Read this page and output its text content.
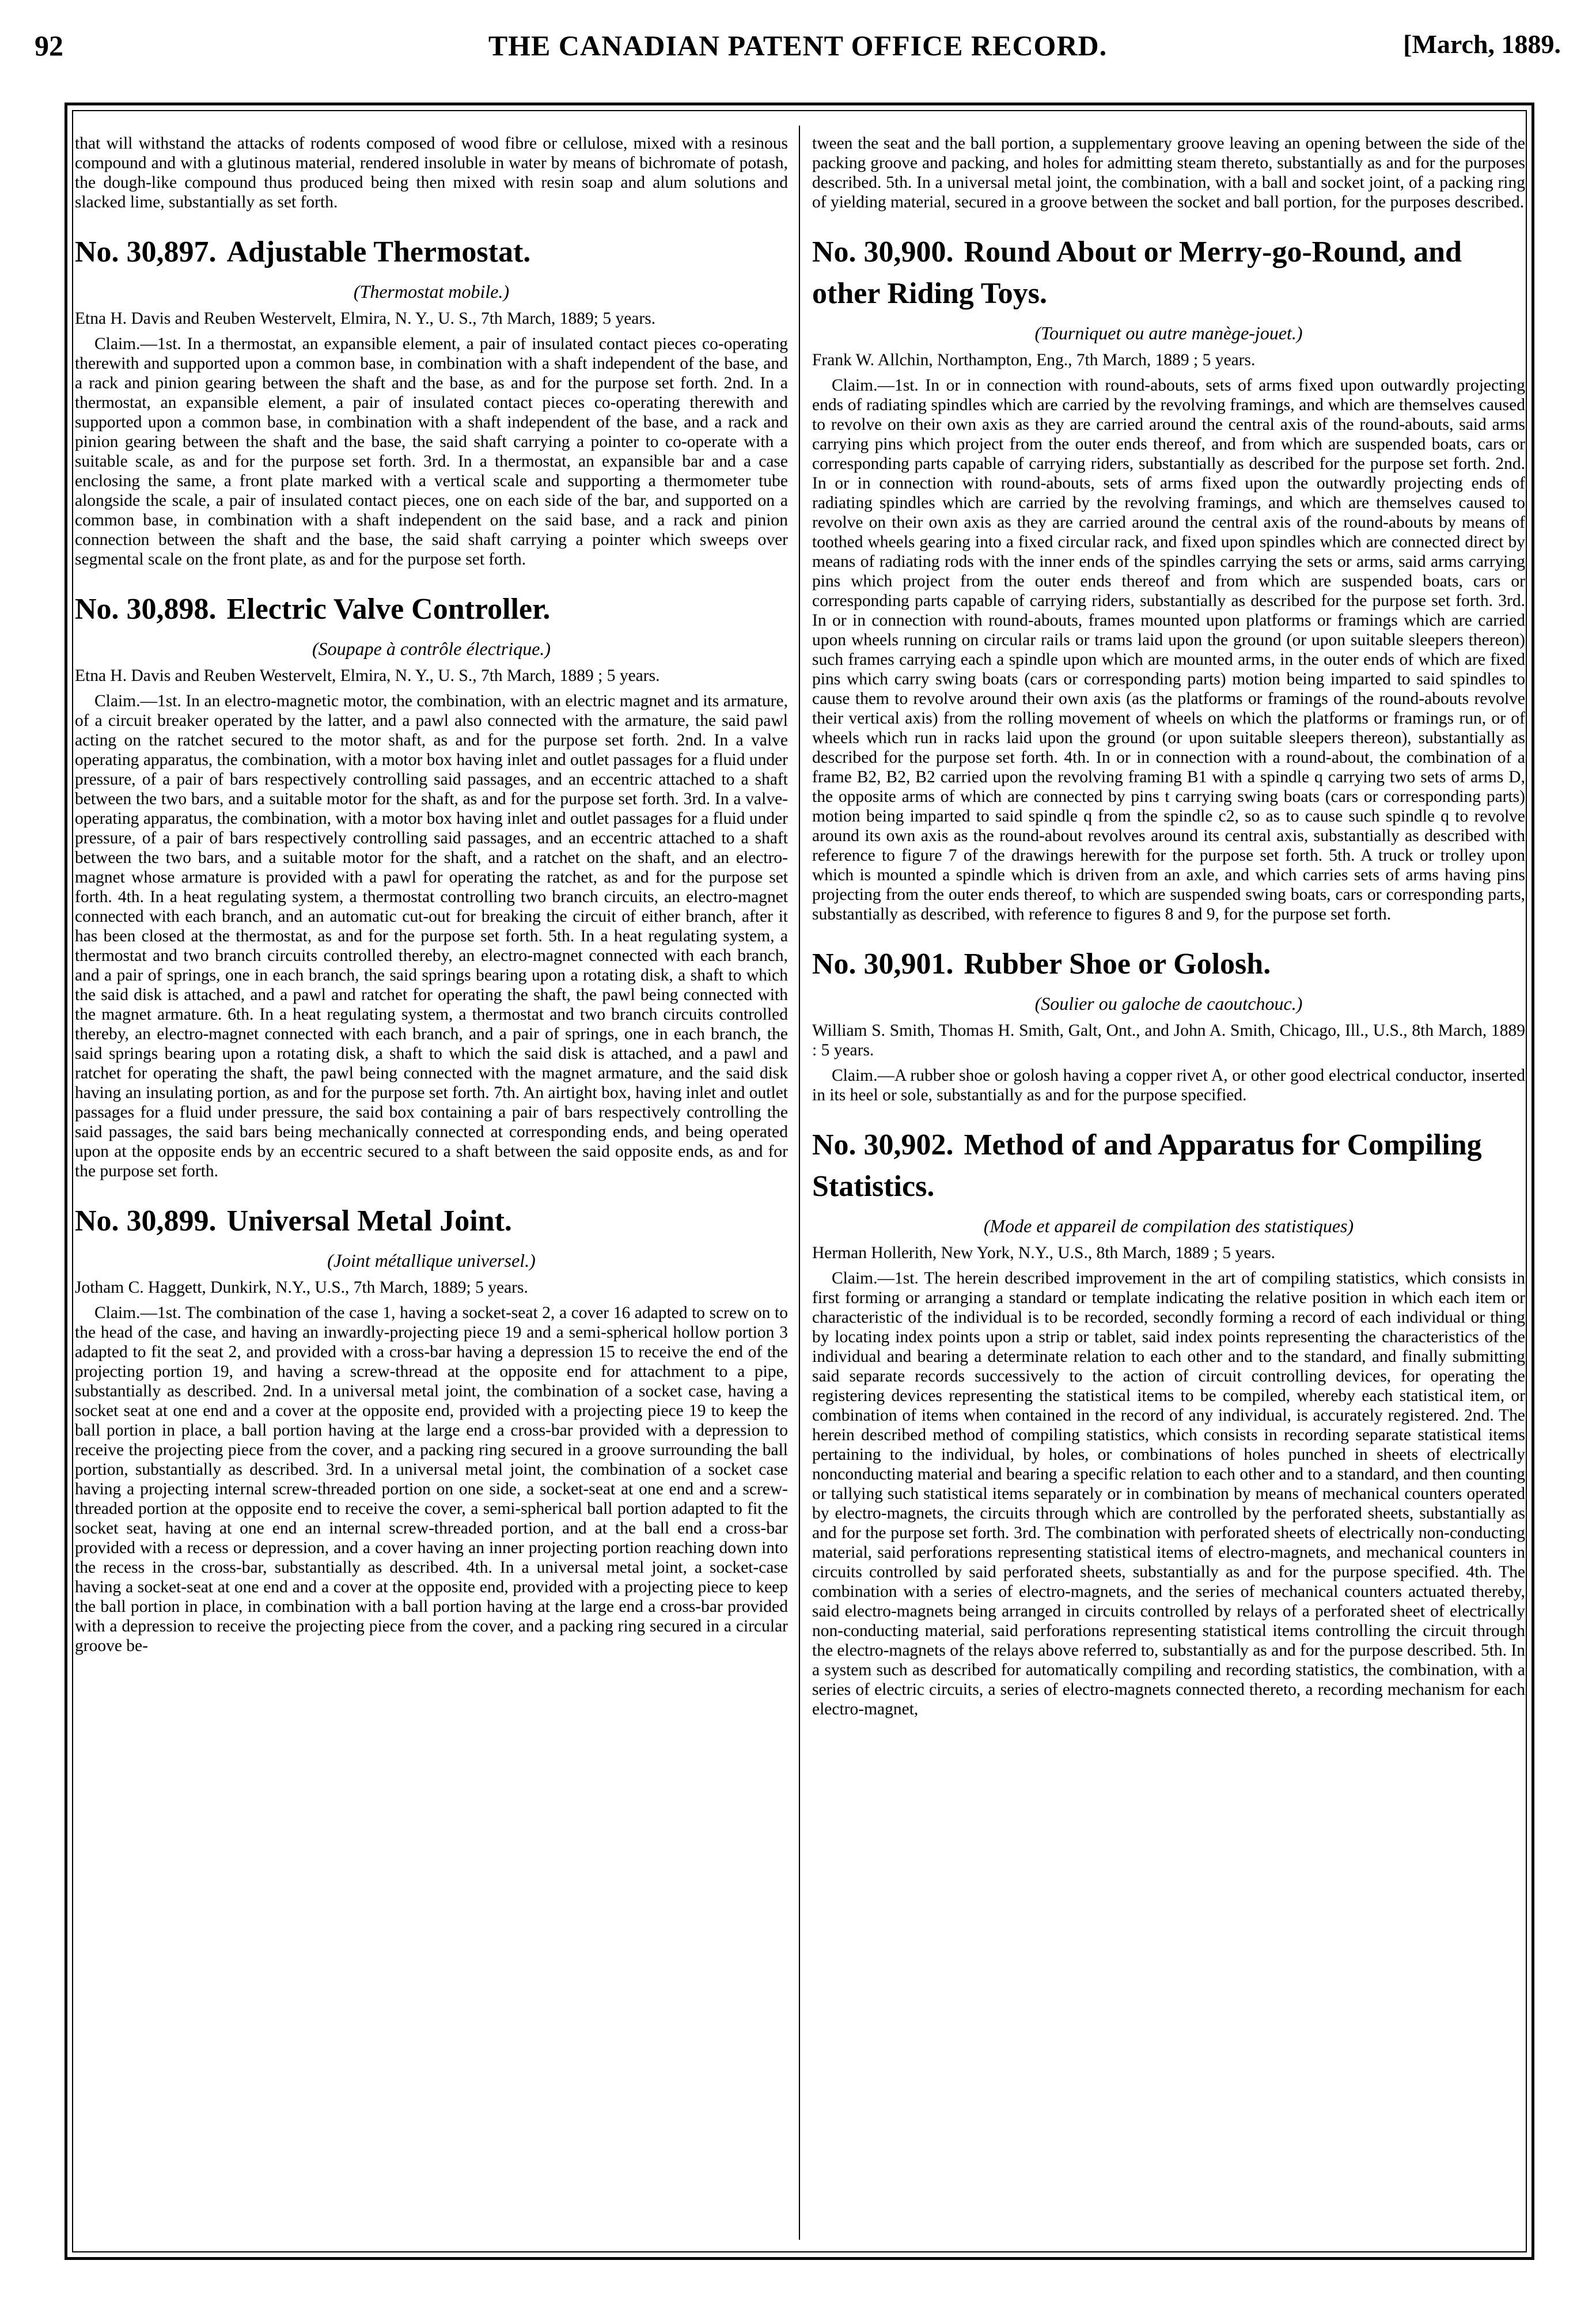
92	THE CANADIAN PATENT OFFICE RECORD.	[March, 1889.

that will withstand the attacks of rodents composed of wood fibre or cellulose, mixed with a resinous compound and with a glutinous material, rendered insoluble in water by means of bichromate of potash, the dough-like compound thus produced being then mixed with resin soap and alum solutions and slacked lime, substantially as set forth.

No. 30,897. Adjustable Thermostat.

(Thermostat mobile.)

Etna H. Davis and Reuben Westervelt, Elmira, N. Y., U. S., 7th March, 1889; 5 years.

Claim.—1st. In a thermostat, an expansible element, a pair of insulated contact pieces co-operating therewith and supported upon a common base, in combination with a shaft independent of the base, and a rack and pinion gearing between the shaft and the base, as and for the purpose set forth. 2nd. In a thermostat, an expansible element, a pair of insulated contact pieces co-operating therewith and supported upon a common base, in combination with a shaft independent of the base, and a rack and pinion gearing between the shaft and the base, the said shaft carrying a pointer to co-operate with a suitable scale, as and for the purpose set forth. 3rd. In a thermostat, an expansible bar and a case enclosing the same, a front plate marked with a vertical scale and supporting a thermometer tube alongside the scale, a pair of insulated contact pieces, one on each side of the bar, and supported on a common base, in combination with a shaft independent on the said base, and a rack and pinion connection between the shaft and the base, the said shaft carrying a pointer which sweeps over segmental scale on the front plate, as and for the purpose set forth.

No. 30,898. Electric Valve Controller.

(Soupape à contrôle électrique.)

Etna H. Davis and Reuben Westervelt, Elmira, N. Y., U. S., 7th March, 1889 ; 5 years.

Claim.—1st. In an electro-magnetic motor, the combination, with an electric magnet and its armature, of a circuit breaker operated by the latter, and a pawl also connected with the armature, the said pawl acting on the ratchet secured to the motor shaft, as and for the purpose set forth. 2nd. In a valve operating apparatus, the combination, with a motor box having inlet and outlet passages for a fluid under pressure, of a pair of bars respectively controlling said passages, and an eccentric attached to a shaft between the two bars, and a suitable motor for the shaft, as and for the purpose set forth. 3rd. In a valve-operating apparatus, the combination, with a motor box having inlet and outlet passages for a fluid under pressure, of a pair of bars respectively controlling said passages, and an eccentric attached to a shaft between the two bars, and a suitable motor for the shaft, and a ratchet on the shaft, and an electro-magnet whose armature is provided with a pawl for operating the ratchet, as and for the purpose set forth. 4th. In a heat regulating system, a thermostat controlling two branch circuits, an electro-magnet connected with each branch, and an automatic cut-out for breaking the circuit of either branch, after it has been closed at the thermostat, as and for the purpose set forth. 5th. In a heat regulating system, a thermostat and two branch circuits controlled thereby, an electro-magnet connected with each branch, and a pair of springs, one in each branch, the said springs bearing upon a rotating disk, a shaft to which the said disk is attached, and a pawl and ratchet for operating the shaft, the pawl being connected with the magnet armature. 6th. In a heat regulating system, a thermostat and two branch circuits controlled thereby, an electro-magnet connected with each branch, and a pair of springs, one in each branch, the said springs bearing upon a rotating disk, a shaft to which the said disk is attached, and a pawl and ratchet for operating the shaft, the pawl being connected with the magnet armature, and the said disk having an insulating portion, as and for the purpose set forth. 7th. An airtight box, having inlet and outlet passages for a fluid under pressure, the said box containing a pair of bars respectively controlling the said passages, the said bars being mechanically connected at corresponding ends, and being operated upon at the opposite ends by an eccentric secured to a shaft between the said opposite ends, as and for the purpose set forth.

No. 30,899. Universal Metal Joint.

(Joint métallique universel.)

Jotham C. Haggett, Dunkirk, N.Y., U.S., 7th March, 1889; 5 years.

Claim.—1st. The combination of the case 1, having a socket-seat 2, a cover 16 adapted to screw on to the head of the case, and having an inwardly-projecting piece 19 and a semi-spherical hollow portion 3 adapted to fit the seat 2, and provided with a cross-bar having a depression 15 to receive the end of the projecting portion 19, and having a screw-thread at the opposite end for attachment to a pipe, substantially as described. 2nd. In a universal metal joint, the combination of a socket case, having a socket seat at one end and a cover at the opposite end, provided with a projecting piece 19 to keep the ball portion in place, a ball portion having at the large end a cross-bar provided with a depression to receive the projecting piece from the cover, and a packing ring secured in a groove surrounding the ball portion, substantially as described. 3rd. In a universal metal joint, the combination of a socket case having a projecting internal screw-threaded portion on one side, a socket-seat at one end and a screw-threaded portion at the opposite end to receive the cover, a semi-spherical ball portion adapted to fit the socket seat, having at one end an internal screw-threaded portion, and at the ball end a cross-bar provided with a recess or depression, and a cover having an inner projecting portion reaching down into the recess in the cross-bar, substantially as described. 4th. In a universal metal joint, a socket-case having a socket-seat at one end and a cover at the opposite end, provided with a projecting piece to keep the ball portion in place, in combination with a ball portion having at the large end a cross-bar provided with a depression to receive the projecting piece from the cover, and a packing ring secured in a circular groove be-

tween the seat and the ball portion, a supplementary groove leaving an opening between the side of the packing groove and packing, and holes for admitting steam thereto, substantially as and for the purposes described. 5th. In a universal metal joint, the combination, with a ball and socket joint, of a packing ring of yielding material, secured in a groove between the socket and ball portion, for the purposes described.

No. 30,900. Round About or Merry-go-Round, and other Riding Toys.

(Tourniquet ou autre manège-jouet.)

Frank W. Allchin, Northampton, Eng., 7th March, 1889 ; 5 years.

Claim.—1st. In or in connection with round-abouts, sets of arms fixed upon outwardly projecting ends of radiating spindles which are carried by the revolving framings, and which are themselves caused to revolve on their own axis as they are carried around the central axis of the round-abouts, said arms carrying pins which project from the outer ends thereof, and from which are suspended boats, cars or corresponding parts capable of carrying riders, substantially as described for the purpose set forth. 2nd. In or in connection with round-abouts, sets of arms fixed upon the outwardly projecting ends of radiating spindles which are carried by the revolving framings, and which are themselves caused to revolve on their own axis as they are carried around the central axis of the round-abouts by means of toothed wheels gearing into a fixed circular rack, and fixed upon spindles which are connected direct by means of radiating rods with the inner ends of the spindles carrying the sets or arms, said arms carrying pins which project from the outer ends thereof and from which are suspended boats, cars or corresponding parts capable of carrying riders, substantially as described for the purpose set forth. 3rd. In or in connection with round-abouts, frames mounted upon platforms or framings which are carried upon wheels running on circular rails or trams laid upon the ground (or upon suitable sleepers thereon) such frames carrying each a spindle upon which are mounted arms, in the outer ends of which are fixed pins which carry swing boats (cars or corresponding parts) motion being imparted to said spindles to cause them to revolve around their own axis (as the platforms or framings of the round-abouts revolve their vertical axis) from the rolling movement of wheels on which the platforms or framings run, or of wheels which run in racks laid upon the ground (or upon suitable sleepers thereon), substantially as described for the purpose set forth. 4th. In or in connection with a round-about, the combination of a frame B2, B2, B2 carried upon the revolving framing B1 with a spindle q carrying two sets of arms D, the opposite arms of which are connected by pins t carrying swing boats (cars or corresponding parts) motion being imparted to said spindle q from the spindle c2, so as to cause such spindle q to revolve around its own axis as the round-about revolves around its central axis, substantially as described with reference to figure 7 of the drawings herewith for the purpose set forth. 5th. A truck or trolley upon which is mounted a spindle which is driven from an axle, and which carries sets of arms having pins projecting from the outer ends thereof, to which are suspended swing boats, cars or corresponding parts, substantially as described, with reference to figures 8 and 9, for the purpose set forth.

No. 30,901. Rubber Shoe or Golosh.

(Soulier ou galoche de caoutchouc.)

William S. Smith, Thomas H. Smith, Galt, Ont., and John A. Smith, Chicago, Ill., U.S., 8th March, 1889 : 5 years.

Claim.—A rubber shoe or golosh having a copper rivet A, or other good electrical conductor, inserted in its heel or sole, substantially as and for the purpose specified.

No. 30,902. Method of and Apparatus for Compiling Statistics.

(Mode et appareil de compilation des statistiques)

Herman Hollerith, New York, N.Y., U.S., 8th March, 1889 ; 5 years.

Claim.—1st. The herein described improvement in the art of compiling statistics, which consists in first forming or arranging a standard or template indicating the relative position in which each item or characteristic of the individual is to be recorded, secondly forming a record of each individual or thing by locating index points upon a strip or tablet, said index points representing the characteristics of the individual and bearing a determinate relation to each other and to the standard, and finally submitting said separate records successively to the action of circuit controlling devices, for operating the registering devices representing the statistical items to be compiled, whereby each statistical item, or combination of items when contained in the record of any individual, is accurately registered. 2nd. The herein described method of compiling statistics, which consists in recording separate statistical items pertaining to the individual, by holes, or combinations of holes punched in sheets of electrically nonconducting material and bearing a specific relation to each other and to a standard, and then counting or tallying such statistical items separately or in combination by means of mechanical counters operated by electro-magnets, the circuits through which are controlled by the perforated sheets, substantially as and for the purpose set forth. 3rd. The combination with perforated sheets of electrically non-conducting material, said perforations representing statistical items of electro-magnets, and mechanical counters in circuits controlled by said perforated sheets, substantially as and for the purpose specified. 4th. The combination with a series of electro-magnets, and the series of mechanical counters actuated thereby, said electro-magnets being arranged in circuits controlled by relays of a perforated sheet of electrically non-conducting material, said perforations representing statistical items controlling the circuit through the electro-magnets of the relays above referred to, substantially as and for the purpose described. 5th. In a system such as described for automatically compiling and recording statistics, the combination, with a series of electric circuits, a series of electro-magnets connected thereto, a recording mechanism for each electro-magnet,
